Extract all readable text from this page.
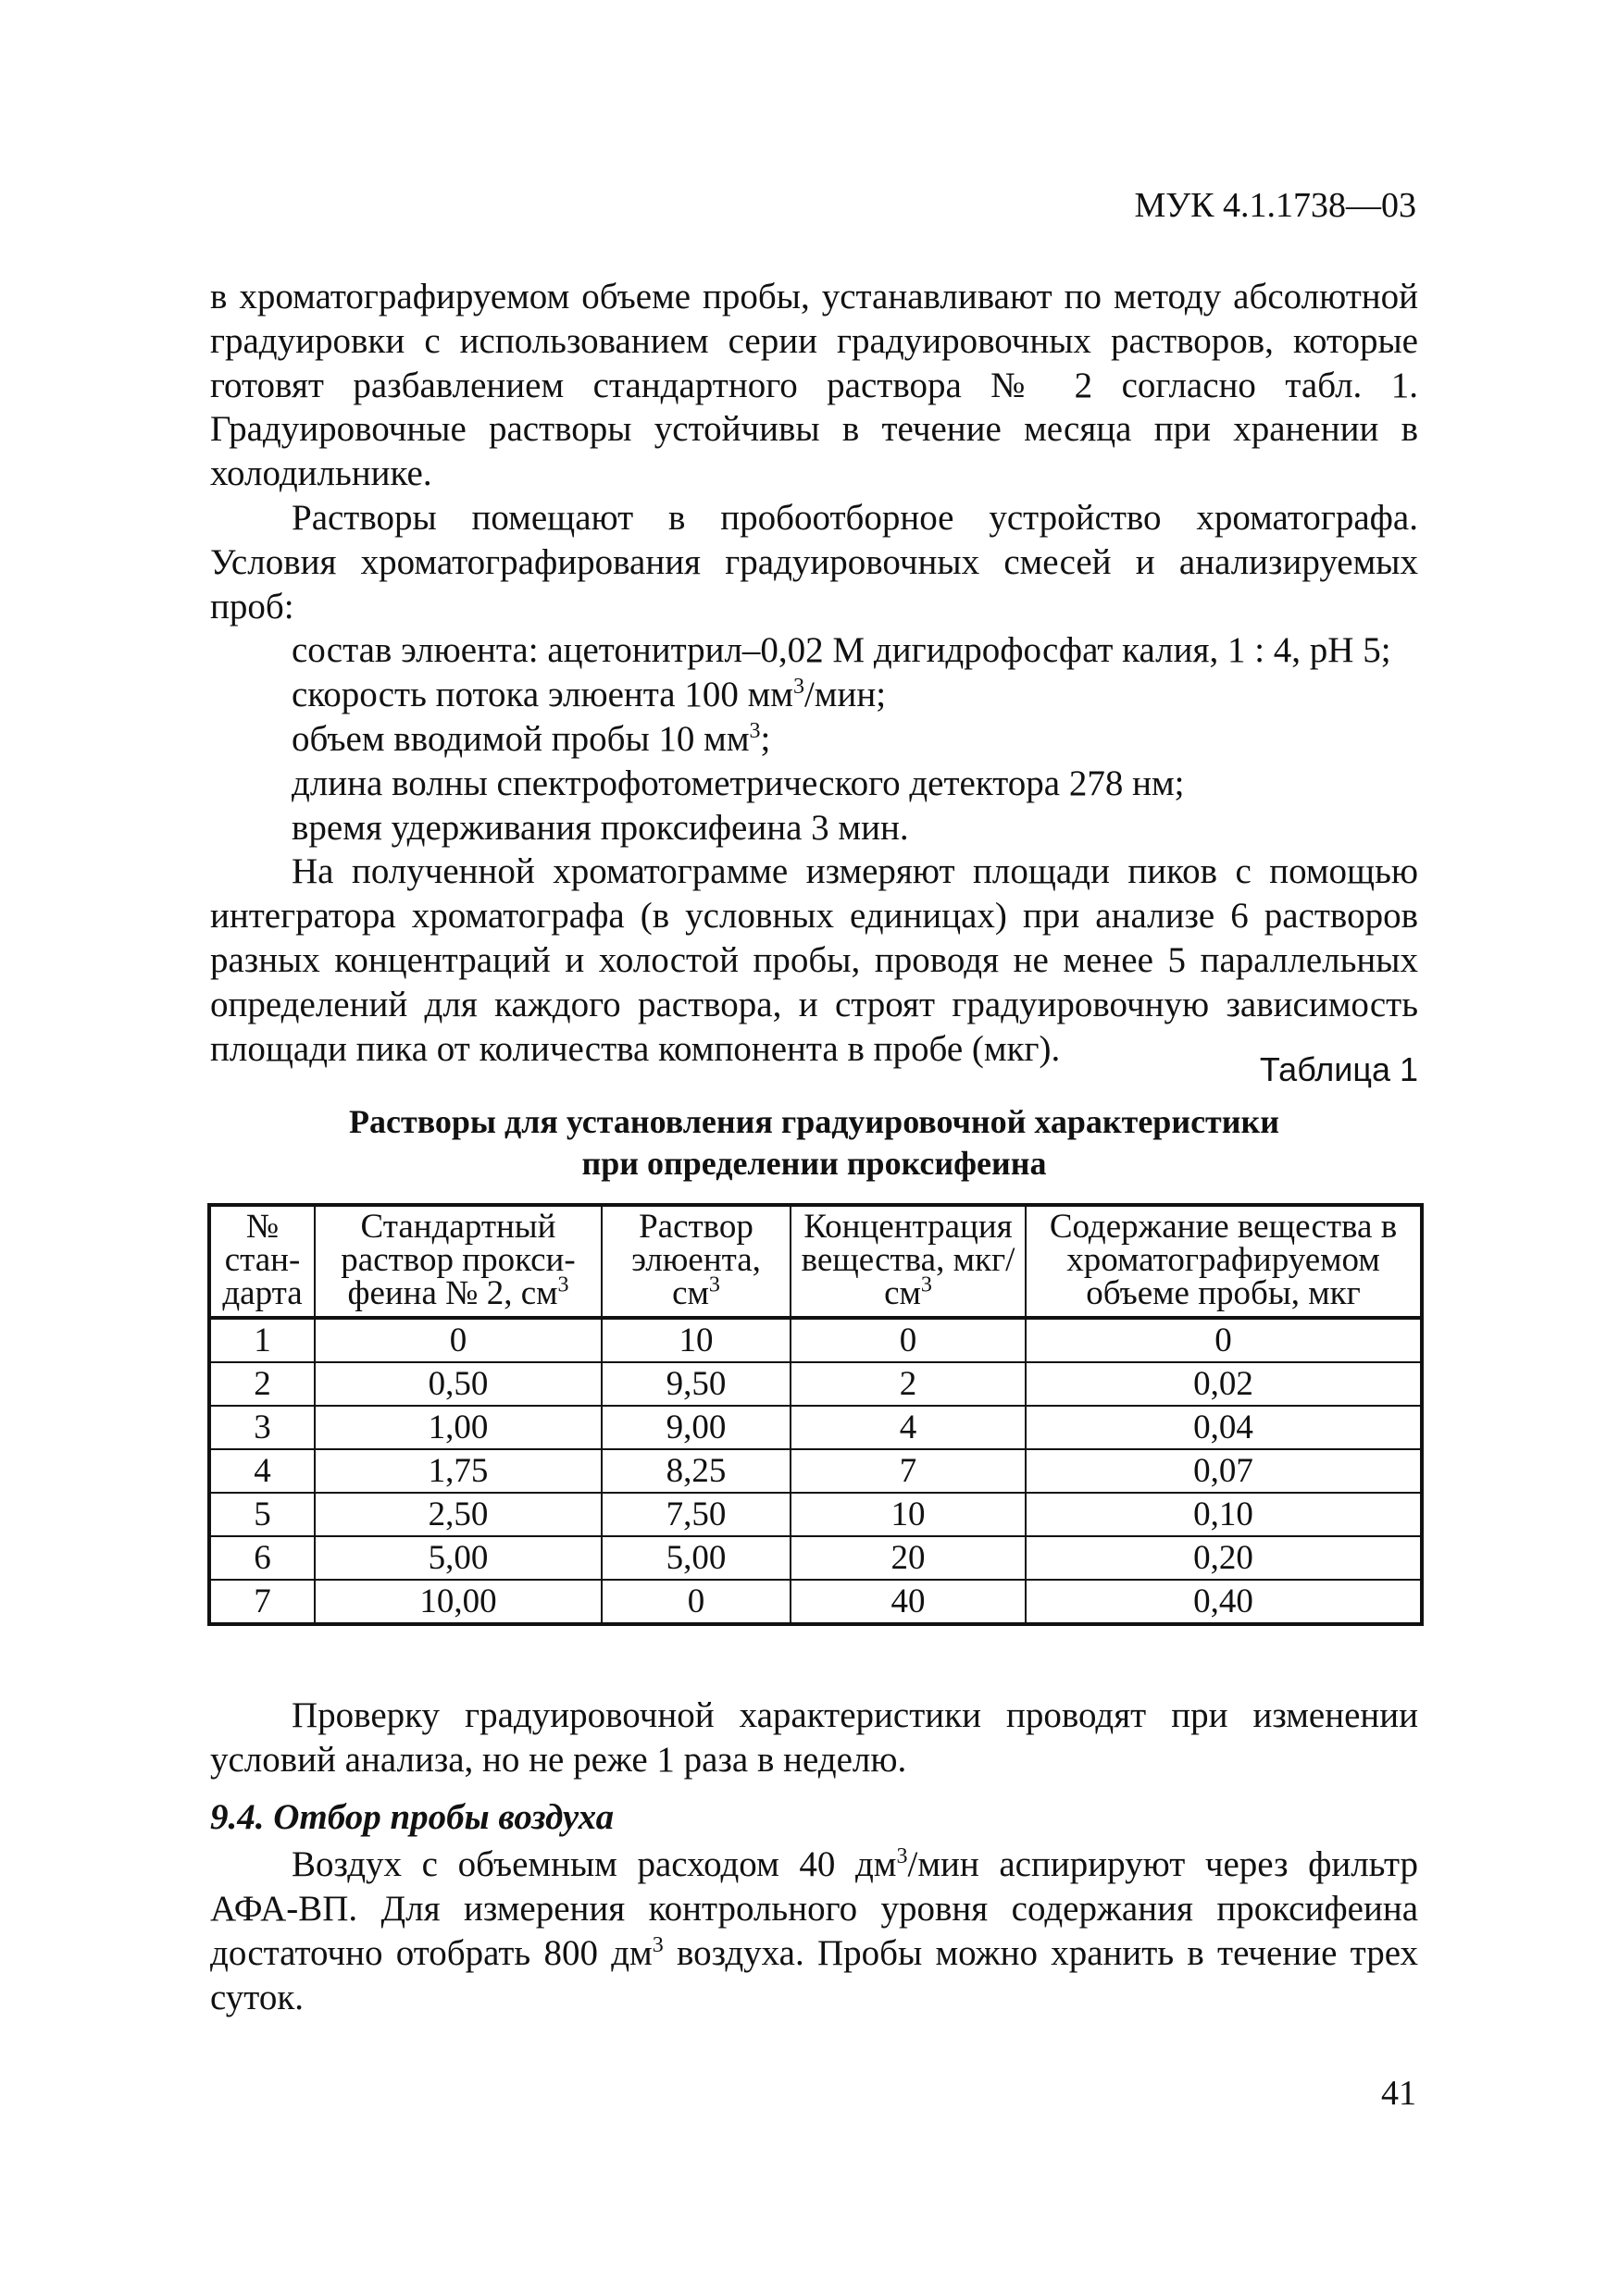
МУК 4.1.1738—03

в хроматографируемом объеме пробы, устанавливают по методу абсолютной градуировки с использованием серии градуировочных растворов, которые готовят разбавлением стандартного раствора № 2 согласно табл. 1. Градуировочные растворы устойчивы в течение месяца при хранении в холодильнике.

Растворы помещают в пробоотборное устройство хроматографа. Условия хроматографирования градуировочных смесей и анализируемых проб:

состав элюента: ацетонитрил–0,02 М дигидрофосфат калия, 1 : 4, рН 5;
скорость потока элюента 100 $мм^3$/мин;
объем вводимой пробы 10 $мм^3$;
длина волны спектрофотометрического детектора 278 нм;
время удерживания проксифеина 3 мин.

На полученной хроматограмме измеряют площади пиков с помощью интегратора хроматографа (в условных единицах) при анализе 6 растворов разных концентраций и холостой пробы, проводя не менее 5 параллельных определений для каждого раствора, и строят градуировочную зависимость площади пика от количества компонента в пробе (мкг).

Таблица 1
Растворы для установления градуировочной характеристики
при определении проксифеина
№ стан-дарта	Стандартный раствор прокси-феина № 2, $см^3$	Раствор элюента, $см^3$	Концентрация вещества, мкг/$см^3$	Содержание вещества в хроматографируемом объеме пробы, мкг
1	0	10	0	0
2	0,50	9,50	2	0,02
3	1,00	9,00	4	0,04
4	1,75	8,25	7	0,07
5	2,50	7,50	10	0,10
6	5,00	5,00	20	0,20
7	10,00	0	40	0,40

Проверку градуировочной характеристики проводят при изменении условий анализа, но не реже 1 раза в неделю.

9.4. Отбор пробы воздуха

Воздух с объемным расходом 40 $дм^3$/мин аспирируют через фильтр АФА-ВП. Для измерения контрольного уровня содержания проксифеина достаточно отобрать 800 $дм^3$ воздуха. Пробы можно хранить в течение трех суток.

41
